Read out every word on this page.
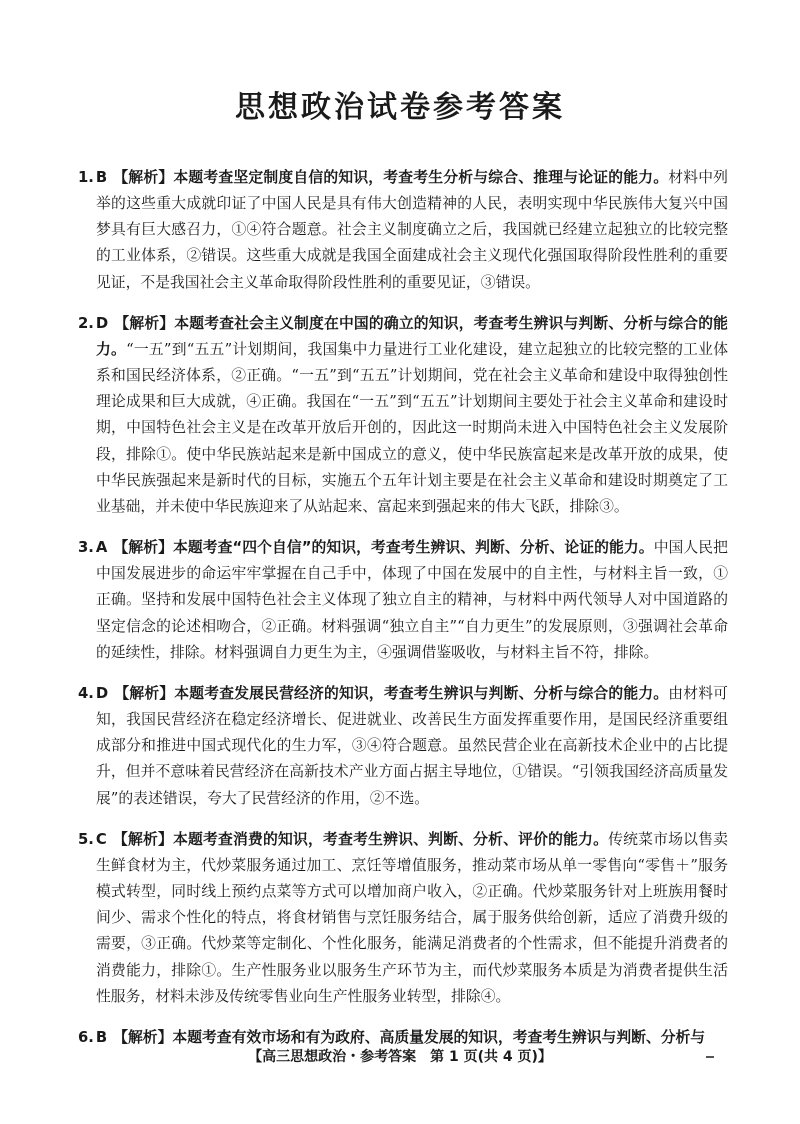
思想政治试卷参考答案

1. B 【解析】本题考查坚定制度自信的知识，考查考生分析与综合、推理与论证的能力。材料中列举的这些重大成就印证了中国人民是具有伟大创造精神的人民，表明实现中华民族伟大复兴中国梦具有巨大感召力，①④符合题意。社会主义制度确立之后，我国就已经建立起独立的比较完整的工业体系，②错误。这些重大成就是我国全面建成社会主义现代化强国取得阶段性胜利的重要见证，不是我国社会主义革命取得阶段性胜利的重要见证，③错误。

2. D 【解析】本题考查社会主义制度在中国的确立的知识，考查考生辨识与判断、分析与综合的能力。“一五”到“五五”计划期间，我国集中力量进行工业化建设，建立起独立的比较完整的工业体系和国民经济体系，②正确。“一五”到“五五”计划期间，党在社会主义革命和建设中取得独创性理论成果和巨大成就，④正确。我国在“一五”到“五五”计划期间主要处于社会主义革命和建设时期，中国特色社会主义是在改革开放后开创的，因此这一时期尚未进入中国特色社会主义发展阶段，排除①。使中华民族站起来是新中国成立的意义，使中华民族富起来是改革开放的成果，使中华民族强起来是新时代的目标，实施五个五年计划主要是在社会主义革命和建设时期奠定了工业基础，并未使中华民族迎来了从站起来、富起来到强起来的伟大飞跃，排除③。

3. A 【解析】本题考查“四个自信”的知识，考查考生辨识、判断、分析、论证的能力。中国人民把中国发展进步的命运牢牢掌握在自己手中，体现了中国在发展中的自主性，与材料主旨一致，①正确。坚持和发展中国特色社会主义体现了独立自主的精神，与材料中两代领导人对中国道路的坚定信念的论述相吻合，②正确。材料强调“独立自主”“自力更生”的发展原则，③强调社会革命的延续性，排除。材料强调自力更生为主，④强调借鉴吸收，与材料主旨不符，排除。

4. D 【解析】本题考查发展民营经济的知识，考查考生辨识与判断、分析与综合的能力。由材料可知，我国民营经济在稳定经济增长、促进就业、改善民生方面发挥重要作用，是国民经济重要组成部分和推进中国式现代化的生力军，③④符合题意。虽然民营企业在高新技术企业中的占比提升，但并不意味着民营经济在高新技术产业方面占据主导地位，①错误。“引领我国经济高质量发展”的表述错误，夸大了民营经济的作用，②不选。

5. C 【解析】本题考查消费的知识，考查考生辨识、判断、分析、评价的能力。传统菜市场以售卖生鲜食材为主，代炒菜服务通过加工、烹饪等增值服务，推动菜市场从单一零售向“零售＋”服务模式转型，同时线上预约点菜等方式可以增加商户收入，②正确。代炒菜服务针对上班族用餐时间少、需求个性化的特点，将食材销售与烹饪服务结合，属于服务供给创新，适应了消费升级的需要，③正确。代炒菜等定制化、个性化服务，能满足消费者的个性需求，但不能提升消费者的消费能力，排除①。生产性服务业以服务生产环节为主，而代炒菜服务本质是为消费者提供生活性服务，材料未涉及传统零售业向生产性服务业转型，排除④。

6. B 【解析】本题考查有效市场和有为政府、高质量发展的知识，考查考生辨识与判断、分析与

【高三思想政治・参考答案　第 1 页(共 4 页)】
